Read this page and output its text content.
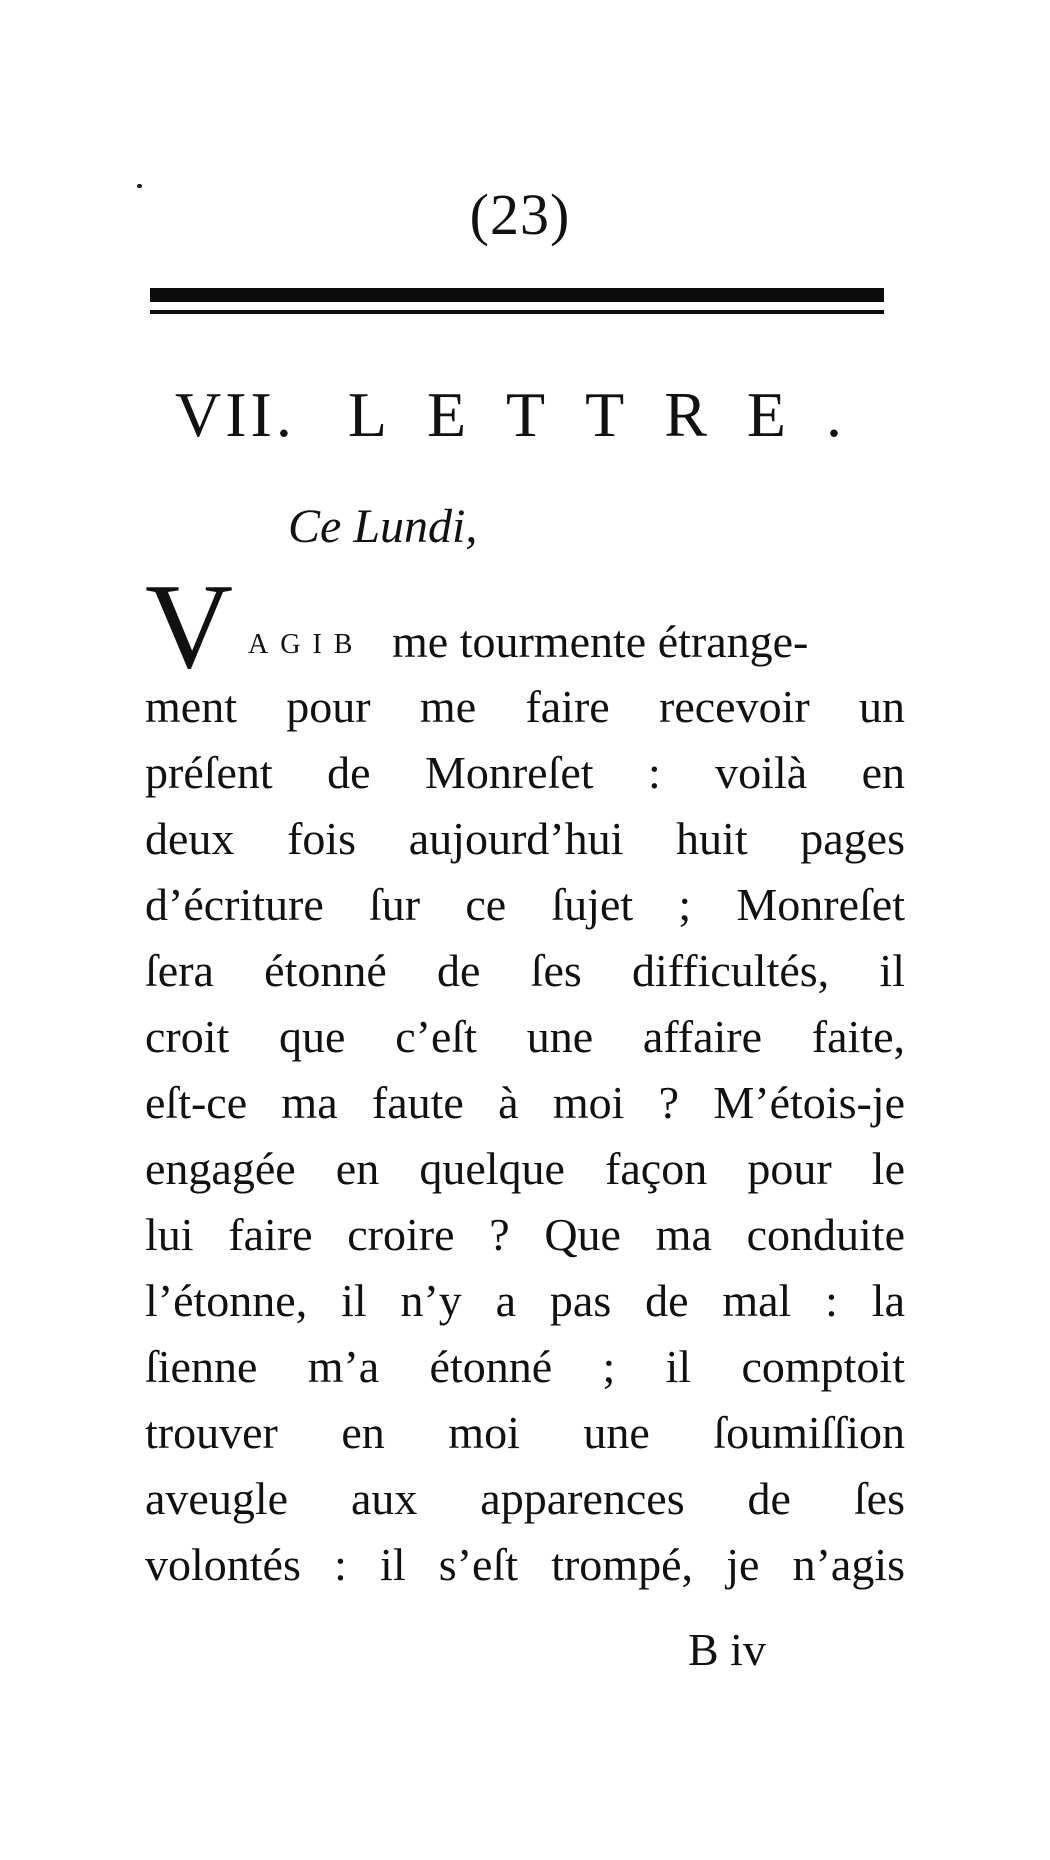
(23)
VII. LETTRE.
Ce Lundi,
V AGIB me tourmente étrange-
ment pour me faire recevoir un
préſent de Monreſet : voilà en
deux fois aujourd’hui huit pages
d’écriture ſur ce ſujet ; Monreſet
ſera étonné de ſes difficultés, il
croit que c’eſt une affaire faite,
eſt-ce ma faute à moi ? M’étois-je
engagée en quelque façon pour le
lui faire croire ? Que ma conduite
l’étonne, il n’y a pas de mal : la
ſienne m’a étonné ; il comptoit
trouver en moi une ſoumiſſion
aveugle aux apparences de ſes
volontés : il s’eſt trompé, je n’agis
B iv
